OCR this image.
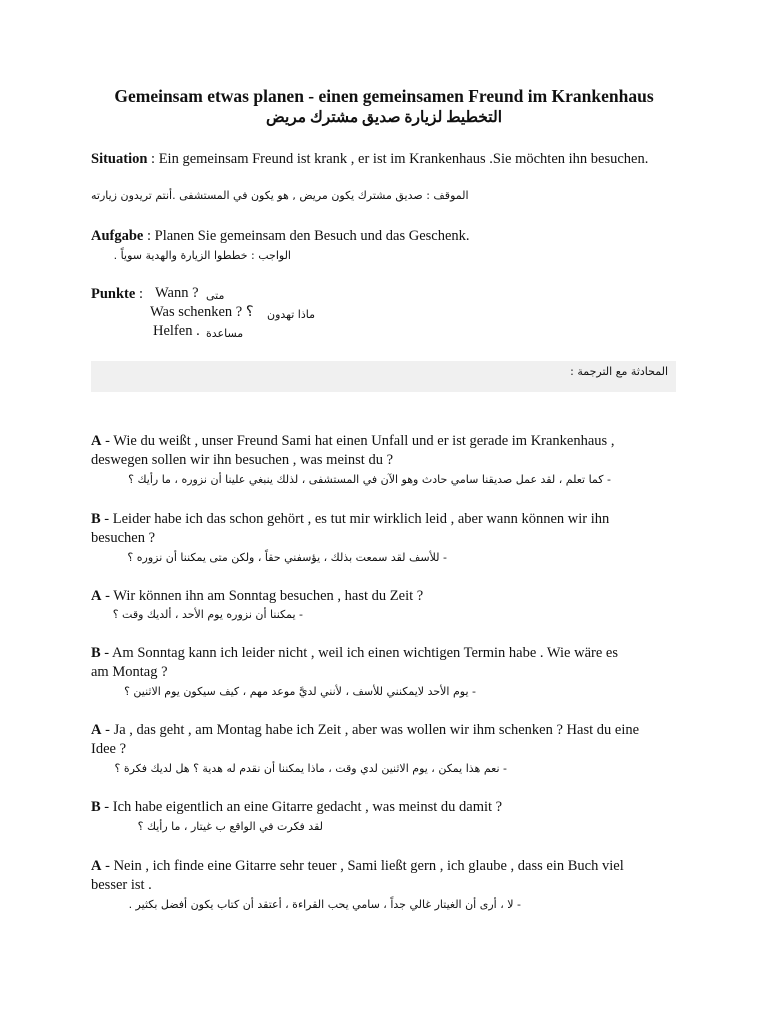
Gemeinsam etwas planen - einen gemeinsamen Freund im Krankenhaus
التخطيط لزيارة صديق مشترك مريض
Situation : Ein gemeinsam Freund ist krank , er ist im Krankenhaus .Sie möchten ihn besuchen.
الموقف : صديق مشترك يكون مريض , هو يكون في المستشفى .أنتم تريدون زيارته
Aufgabe : Planen Sie gemeinsam den Besuch und das Geschenk.
الواجب : خططوا الزيارة والهدية سوياً .
Punkte : Wann ? متى
Was schenken ? ؟ ماذا تهدون
Helfen . مساعدة
المحادثة مع الترجمة :
A - Wie du weißt , unser Freund Sami hat einen Unfall und er ist gerade im Krankenhaus ,
deswegen sollen wir ihn besuchen , was meinst du ?
- كما تعلم ، لقد عمل صديقنا سامي حادث وهو الآن في المستشفى ، لذلك ينبغي علينا أن نزوره ، ما رأيك ؟
B - Leider habe ich das schon gehört , es tut mir wirklich leid , aber wann können wir ihn
besuchen ?
- للأسف لقد سمعت بذلك ، يؤسفني حقاً ، ولكن متى يمكننا أن نزوره ؟
A - Wir können ihn am Sonntag besuchen , hast du Zeit ?
- يمكننا أن نزوره يوم الأحد ، ألديك وقت ؟
B - Am Sonntag kann ich leider nicht , weil ich einen wichtigen Termin habe . Wie wäre es
am Montag ?
- يوم الأحد لايمكنني للأسف ، لأنني لديَّ موعد مهم ، كيف سيكون يوم الاثنين ؟
A - Ja , das geht , am Montag habe ich Zeit , aber was wollen wir ihm schenken ? Hast du eine
Idee ?
- نعم هذا يمكن ، يوم الاثنين لدي وقت ، ماذا يمكننا أن نقدم له هدية ؟ هل لديك فكرة ؟
B - Ich habe eigentlich an eine Gitarre gedacht , was meinst du damit ?
لقد فكرت في الواقع ب غيتار ، ما رأيك ؟
A - Nein , ich finde eine Gitarre sehr teuer , Sami ließt gern , ich glaube , dass ein Buch viel
besser ist .
- لا ، أرى أن الغيتار غالي جداً ، سامي يحب القراءة ، أعتقد أن كتاب يكون أفضل بكثير .
